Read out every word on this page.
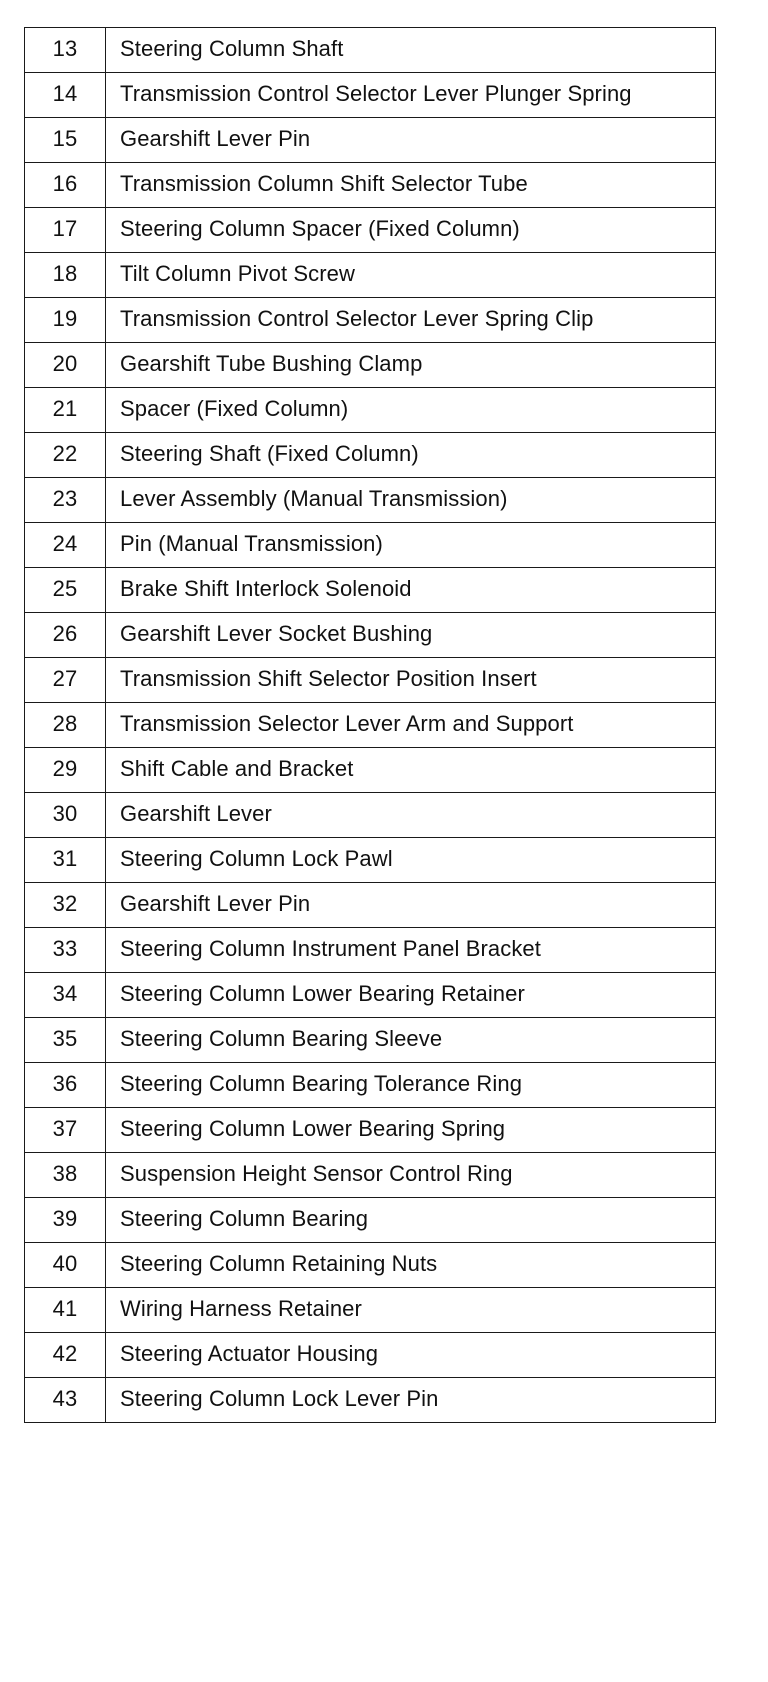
13	Steering Column Shaft
14	Transmission Control Selector Lever Plunger Spring
15	Gearshift Lever Pin
16	Transmission Column Shift Selector Tube
17	Steering Column Spacer (Fixed Column)
18	Tilt Column Pivot Screw
19	Transmission Control Selector Lever Spring Clip
20	Gearshift Tube Bushing Clamp
21	Spacer (Fixed Column)
22	Steering Shaft (Fixed Column)
23	Lever Assembly (Manual Transmission)
24	Pin (Manual Transmission)
25	Brake Shift Interlock Solenoid
26	Gearshift Lever Socket Bushing
27	Transmission Shift Selector Position Insert
28	Transmission Selector Lever Arm and Support
29	Shift Cable and Bracket
30	Gearshift Lever
31	Steering Column Lock Pawl
32	Gearshift Lever Pin
33	Steering Column Instrument Panel Bracket
34	Steering Column Lower Bearing Retainer
35	Steering Column Bearing Sleeve
36	Steering Column Bearing Tolerance Ring
37	Steering Column Lower Bearing Spring
38	Suspension Height Sensor Control Ring
39	Steering Column Bearing
40	Steering Column Retaining Nuts
41	Wiring Harness Retainer
42	Steering Actuator Housing
43	Steering Column Lock Lever Pin
